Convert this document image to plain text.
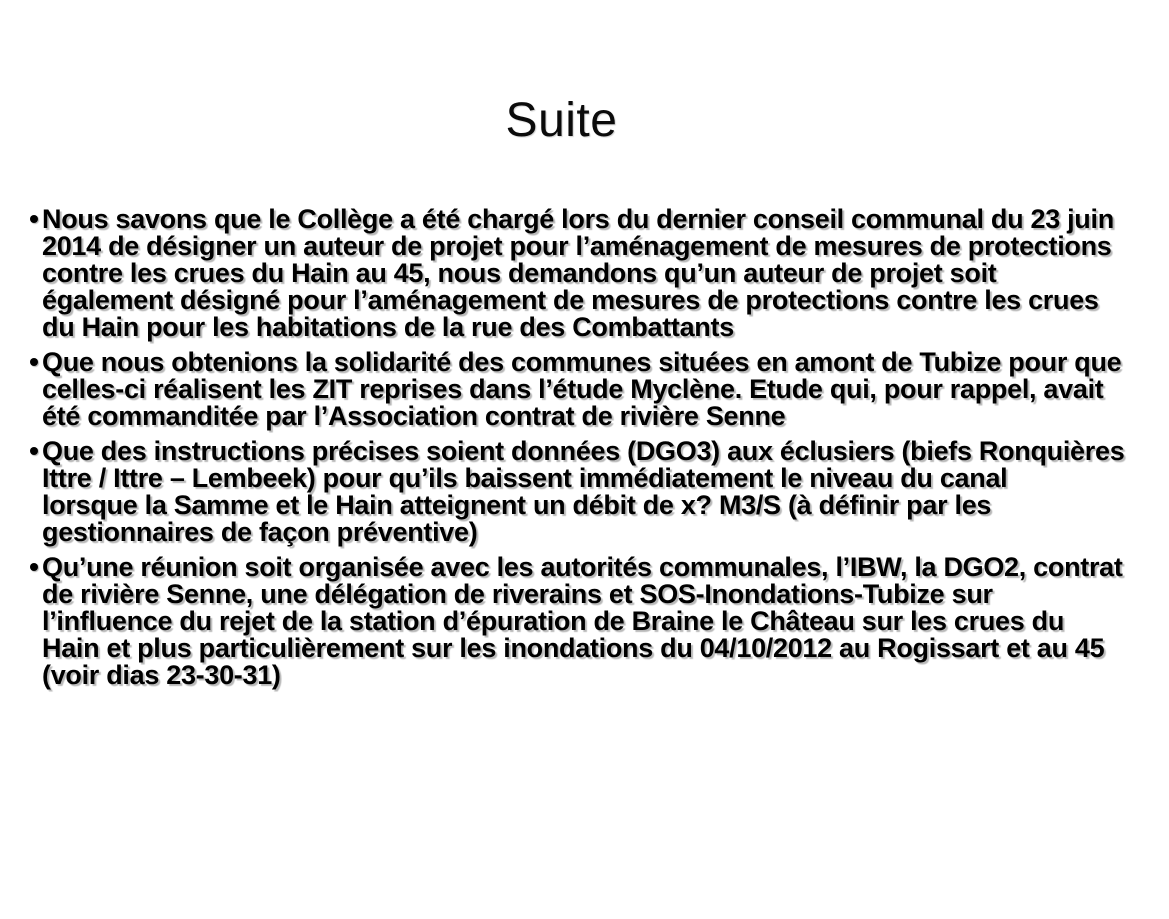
Suite
Nous savons que le Collège a été chargé lors du dernier conseil communal du 23 juin
2014 de désigner un auteur de projet pour l’aménagement de mesures de protections
contre les crues du Hain au 45, nous demandons qu’un auteur de projet soit
également désigné pour l’aménagement de mesures de protections contre les crues
du Hain pour les habitations de la rue des Combattants
Que nous obtenions la solidarité des communes situées en amont de Tubize pour que
celles-ci réalisent les ZIT reprises dans l’étude Myclène. Etude qui, pour rappel, avait
été commanditée par l’Association contrat de rivière Senne
Que des instructions précises soient données (DGO3) aux éclusiers (biefs Ronquières
Ittre / Ittre – Lembeek) pour qu’ils baissent immédiatement le niveau du canal
lorsque la Samme et le Hain atteignent un débit de x? M3/S (à définir par les
gestionnaires de façon préventive)
Qu’une réunion soit organisée avec les autorités communales, l’IBW, la DGO2, contrat
de rivière Senne, une délégation de riverains et SOS-Inondations-Tubize sur
l’influence du rejet de la station d’épuration de Braine le Château sur les crues du
Hain et plus particulièrement sur les inondations du 04/10/2012 au Rogissart et au 45
(voir dias 23-30-31)
